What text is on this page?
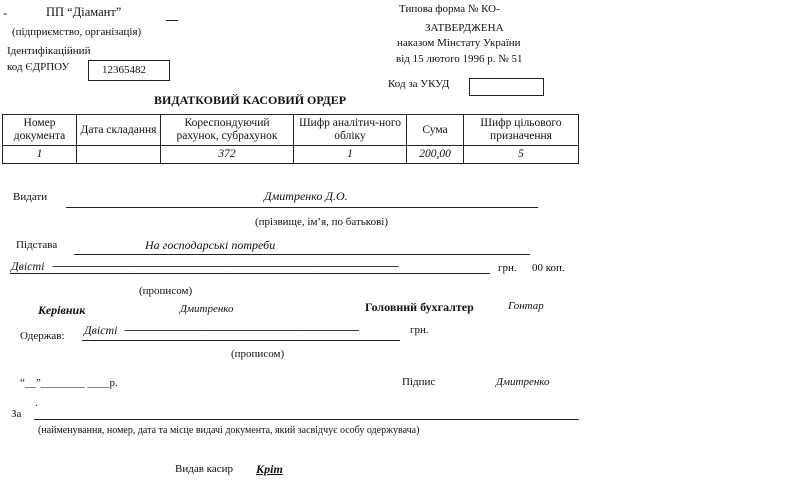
-	ПП “Діамант”
(підприємство, організація)
Ідентифікаційний
код ЄДРПОУ	12365482
Типова форма № КО-
ЗАТВЕРДЖЕНА
наказом Мінстату України
від 15 лютого 1996 р. № 51
Код за УКУД
ВИДАТКОВИЙ КАСОВИЙ ОРДЕР
Номер документа	Дата складання	Кореспондуючий рахунок, субрахунок	Шифр аналітич-ного обліку	Сума	Шифр цільового призначення
1		372	1	200,00	5
Видати	Дмитренко Д.О.
(прізвище, ім’я, по батькові)
Підстава	На господарські потреби
Двісті ----------------------------------------------------------------------------------------------------------------------------------	грн. 00 коп.
(прописом)
Керівник	Дмитренко	Головний бухгалтер	Гонтар
Одержав: Двісті ----------------------------------------------------------------------------------------	грн.
(прописом)
“__”________ ____р.	Підпис	Дмитренко
За
.
(найменування, номер, дата та місце видачі документа, який засвідчує особу одержувача)
Видав касир Кріт
